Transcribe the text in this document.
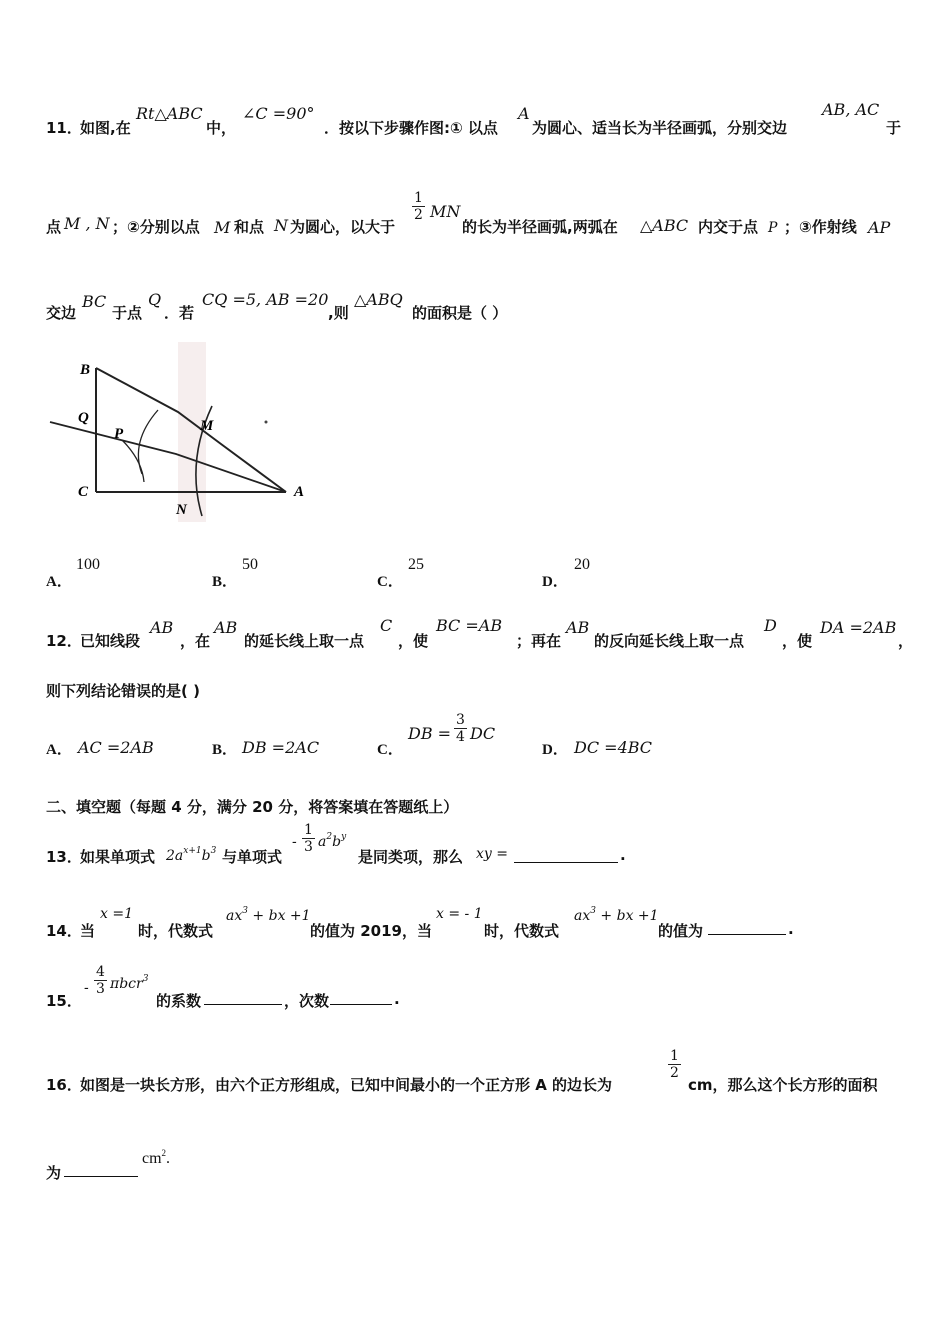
11．
如图,在
Rt△ABC
中，
∠C =90°
．按以下步骤作图:① 以点
A
为圆心、适当长为半径画弧，分别交边
AB, AC
于
点 M , N ；②分别以点 M 和点 N 为圆心，以大于
$\frac{1}{2}$ MN
的长为半径画弧,两弧在 △ABC 内交于点 P ；③作射线 AP
交边
BC
于点
Q
．若
CQ =5, AB =20
,则
△ABQ
的面积是（ ）
B
Q
P	M
C
N
A
A．
100
B．
50
C．
25
D．
20
12．
已知线段
AB
，在
AB
的延长线上取一点
C
，使
BC =AB
；再在
AB
的反向延长线上取一点
D
，使
DA =2AB
，
则下列结论错误的是( )
A． AC =2AB	B． DB =2AC	C．
DB = $\frac{3}{4}$ DC
D． DC =4BC
二、填空题（每题 4 分，满分 20 分，将答案填在答题纸上）
13．
如果单项式 $2a^{x+1}b^3$ 与单项式
- $\frac{1}{3} a^2b^y$
是同类项，那么 xy =	.
14．
当
x =1
时，代数式
$ax^3$ + bx +1
的值为 2019，当
x = - 1
时，代数式
$ax^3$ + bx +1
的值为	.
15．
- $\frac{4}{3} \pi bcr^3$
的系数	，次数	.
16．
如图是一块长方形，由六个正方形组成，已知中间最小的一个正方形 A 的边长为
$\frac{1}{2}$
cm，那么这个长方形的面积
为
$cm^2$.
